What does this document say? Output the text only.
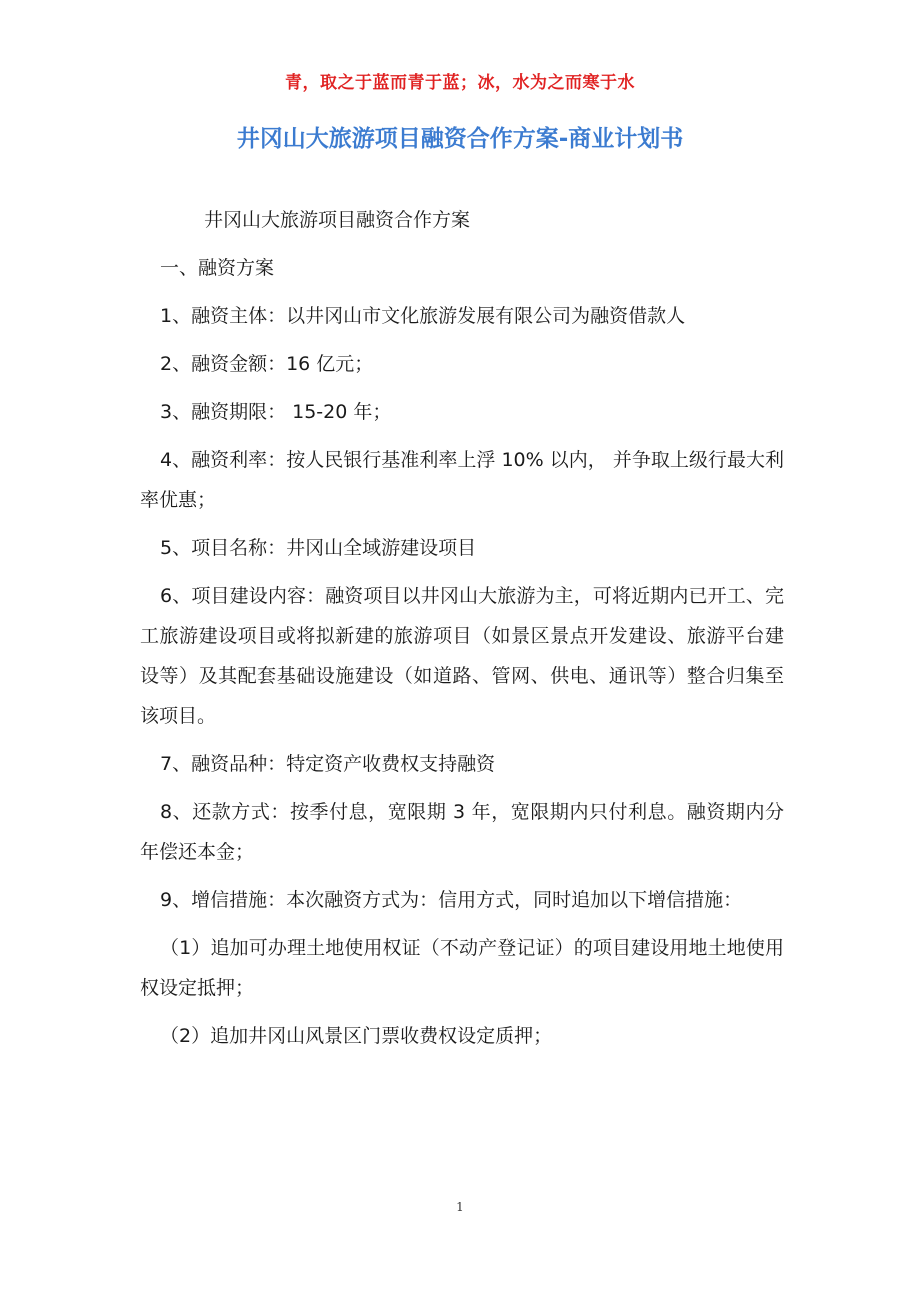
青，取之于蓝而青于蓝；冰，水为之而寒于水
井冈山大旅游项目融资合作方案-商业计划书

井冈山大旅游项目融资合作方案

一、融资方案

1、融资主体：以井冈山市文化旅游发展有限公司为融资借款人

2、融资金额：16 亿元；

3、融资期限： 15-20 年；

4、融资利率：按人民银行基准利率上浮 10% 以内， 并争取上级行最大利率优惠；

5、项目名称：井冈山全域游建设项目

6、项目建设内容：融资项目以井冈山大旅游为主，可将近期内已开工、完工旅游建设项目或将拟新建的旅游项目（如景区景点开发建设、旅游平台建设等）及其配套基础设施建设（如道路、管网、供电、通讯等）整合归集至该项目。

7、融资品种：特定资产收费权支持融资

8、还款方式：按季付息，宽限期 3 年，宽限期内只付利息。融资期内分年偿还本金；

9、增信措施：本次融资方式为：信用方式，同时追加以下增信措施：

（1）追加可办理土地使用权证（不动产登记证）的项目建设用地土地使用权设定抵押；

（2）追加井冈山风景区门票收费权设定质押；

1
